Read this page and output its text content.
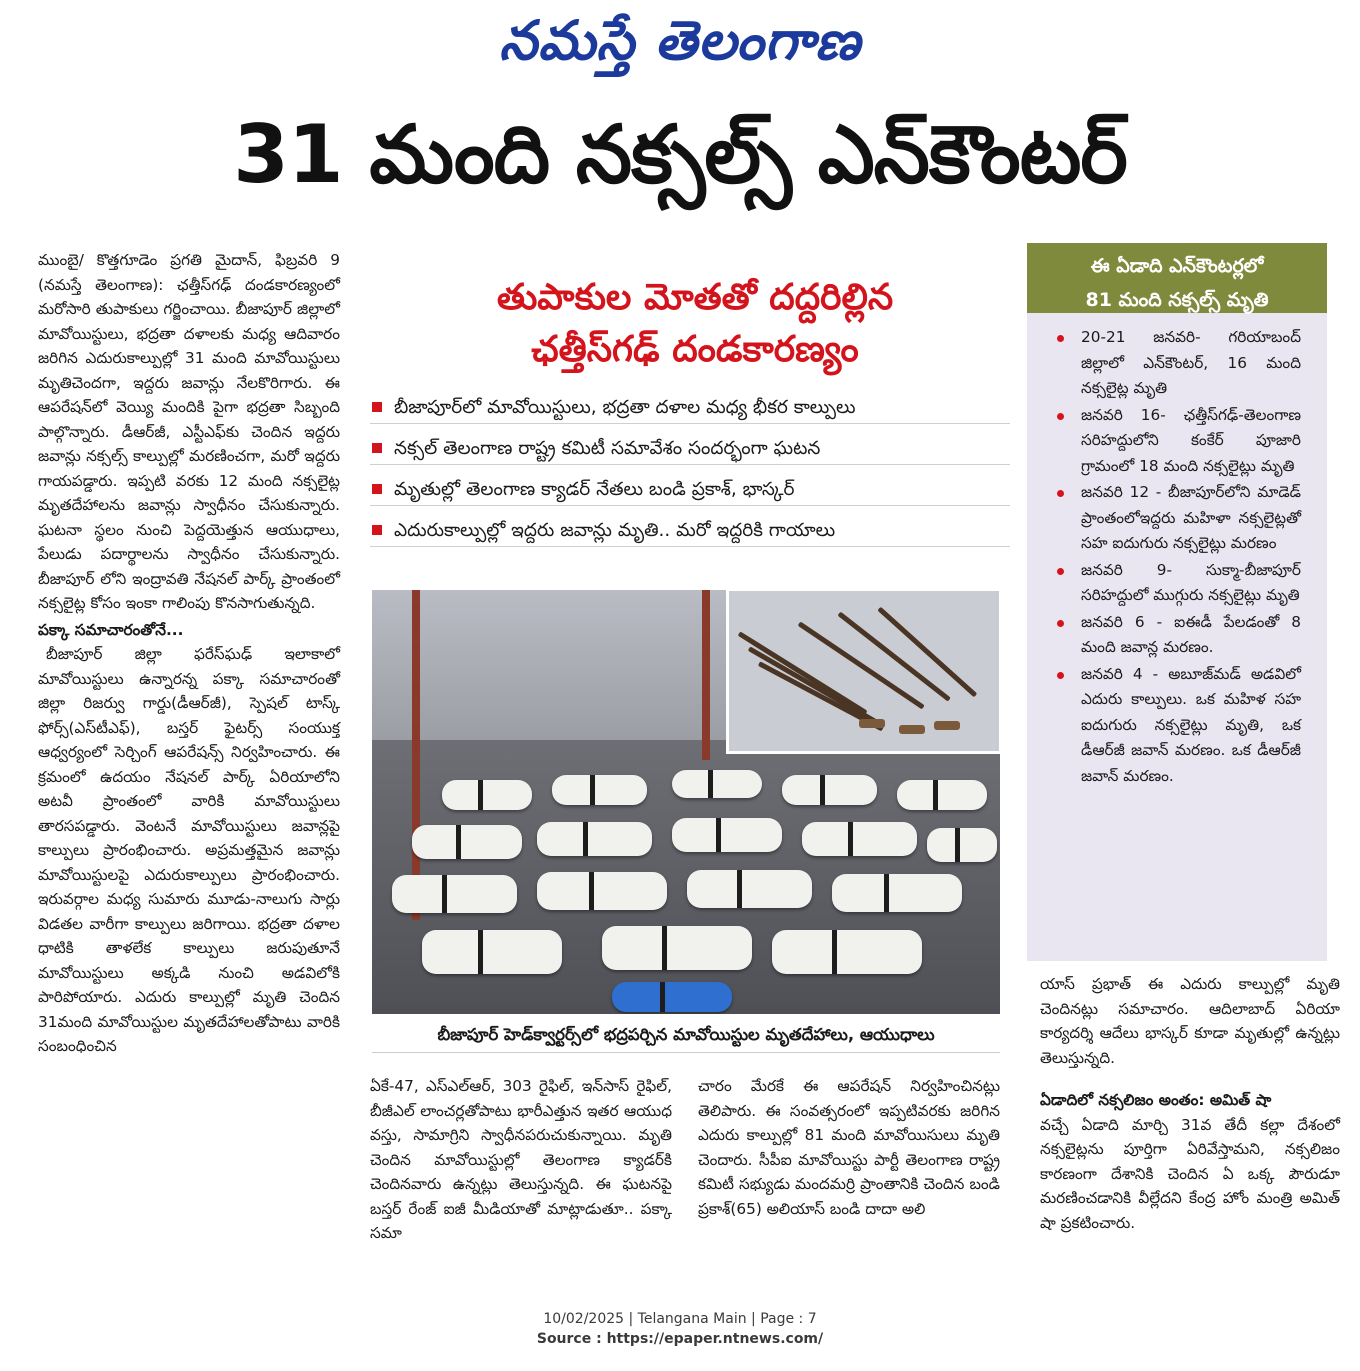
నమస్తే తెలంగాణ
31 మంది నక్సల్స్ ఎన్‌కౌంటర్

ముంబై/ కొత్తగూడెం ప్రగతి మైదాన్, ఫిబ్రవరి 9 (నమస్తే తెలంగాణ): ఛత్తీస్‌గఢ్ దండకారణ్యంలో మరోసారి తుపాకులు గర్జించాయి. బీజాపూర్ జిల్లాలో మావోయిస్టులు, భద్రతా దళాలకు మధ్య ఆదివారం జరిగిన ఎదురుకాల్పుల్లో 31 మంది మావోయిస్టులు మృతిచెందగా, ఇద్దరు జవాన్లు నేలకొరిగారు. ఈ ఆపరేషన్‌లో వెయ్యి మందికి పైగా భద్రతా సిబ్బంది పాల్గొన్నారు. డీఆర్‌జీ, ఎస్టీఎఫ్‌కు చెందిన ఇద్దరు జవాన్లు నక్సల్స్ కాల్పుల్లో మరణించగా, మరో ఇద్దరు గాయపడ్డారు. ఇప్పటి వరకు 12 మంది నక్సలైట్ల మృతదేహాలను జవాన్లు స్వాధీనం చేసుకున్నారు. ఘటనా స్థలం నుంచి పెద్దయెత్తున ఆయుధాలు, పేలుడు పదార్థాలను స్వాధీనం చేసుకున్నారు. బీజాపూర్ లోని ఇంద్రావతి నేషనల్ పార్క్ ప్రాంతంలో నక్సలైట్ల కోసం ఇంకా గాలింపు కొనసాగుతున్నది.

పక్కా సమాచారంతోనే...

బీజాపూర్ జిల్లా ఫరేస్‌ఘఢ్ ఇలాకాలో మావోయిస్టులు ఉన్నారన్న పక్కా సమాచారంతో జిల్లా రిజర్వు గార్డు(డీఆర్‌జీ), స్పెషల్ టాస్క్ ఫోర్స్(ఎస్‌టీఎఫ్), బస్తర్ ఫైటర్స్ సంయుక్త ఆధ్వర్యంలో సెర్చింగ్ ఆపరేషన్స్ నిర్వహించారు. ఈ క్రమంలో ఉదయం నేషనల్ పార్క్ ఏరియాలోని అటవీ ప్రాంతంలో వారికి మావోయిస్టులు తారసపడ్డారు. వెంటనే మావోయిస్టులు జవాన్లపై కాల్పులు ప్రారంభించారు. అప్రమత్తమైన జవాన్లు మావోయిస్టులపై ఎదురుకాల్పులు ప్రారంభించారు. ఇరువర్గాల మధ్య సుమారు మూడు-నాలుగు సార్లు విడతల వారీగా కాల్పులు జరిగాయి. భద్రతా దళాల ధాటికి తాళలేక కాల్పులు జరుపుతూనే మావోయిస్టులు అక్కడి నుంచి అడవిలోకి పారిపోయారు. ఎదురు కాల్పుల్లో మృతి చెందిన 31మంది మావోయిస్టుల మృతదేహాలతోపాటు వారికి సంబంధించిన

తుపాకుల మోతతో దద్దరిల్లిన
ఛత్తీస్‌గఢ్ దండకారణ్యం
బీజాపూర్‌లో మావోయిస్టులు, భద్రతా దళాల మధ్య భీకర కాల్పులు
నక్సల్ తెలంగాణ రాష్ట్ర కమిటీ సమావేశం సందర్భంగా ఘటన
మృతుల్లో తెలంగాణ క్యాడర్ నేతలు బండి ప్రకాశ్, భాస్కర్
ఎదురుకాల్పుల్లో ఇద్దరు జవాన్లు మృతి.. మరో ఇద్దరికి గాయాలు
బీజాపూర్ హెడ్‌క్వార్టర్స్‌లో భద్రపర్చిన మావోయిస్టుల మృతదేహాలు, ఆయుధాలు

ఏకే-47, ఎస్ఎల్ఆర్, 303 రైఫిల్, ఇన్‌సాస్ రైఫిల్, బీజీఎల్ లాంచర్లతోపాటు భారీఎత్తున ఇతర ఆయుధ వస్తు, సామాగ్రిని స్వాధీనపరుచుకున్నాయి. మృతి చెందిన మావోయిస్టుల్లో తెలంగాణ క్యాడర్‌కి చెందినవారు ఉన్నట్లు తెలుస్తున్నది. ఈ ఘటనపై బస్తర్ రేంజ్ ఐజీ మీడియాతో మాట్లాడుతూ.. పక్కా సమా

చారం మేరకే ఈ ఆపరేషన్ నిర్వహించినట్లు తెలిపారు. ఈ సంవత్సరంలో ఇప్పటివరకు జరిగిన ఎదురు కాల్పుల్లో 81 మంది మావోయిసులు మృతి చెందారు. సీపీఐ మావోయిస్టు పార్టీ తెలంగాణ రాష్ట్ర కమిటీ సభ్యుడు మందమర్రి ప్రాంతానికి చెందిన బండి ప్రకాశ్(65) అలియాస్ బండి దాదా అలి

ఈ ఏడాది ఎన్‌కౌంటర్లలో
81 మంది నక్సల్స్ మృతి
20-21 జనవరి- గరియాబంద్ జిల్లాలో ఎన్‌కౌంటర్, 16 మంది నక్సలైట్ల మృతి
జనవరి 16- ఛత్తీస్‌గఢ్-తెలంగాణ సరిహద్దులోని కంకేర్ పూజారి గ్రామంలో 18 మంది నక్సలైట్లు మృతి
జనవరి 12 - బీజాపూర్‌లోని మాడెడ్ ప్రాంతంలోఇద్దరు మహిళా నక్సలైట్లతో సహ ఐదుగురు నక్సలైట్లు మరణం
జనవరి 9- సుక్మా-బీజాపూర్ సరిహద్దులో ముగ్గురు నక్సలైట్లు మృతి
జనవరి 6 - ఐఈడీ పేలడంతో 8 మంది జవాన్ల మరణం.
జనవరి 4 - అబూజ్‌మడ్ అడవిలో ఎదురు కాల్పులు. ఒక మహిళ సహ ఐదుగురు నక్సలైట్లు మృతి, ఒక డీఆర్‌జీ జవాన్ మరణం. ఒక డీఆర్‌జీ జవాన్ మరణం.

యాస్ ప్రభాత్ ఈ ఎదురు కాల్పుల్లో మృతి చెందినట్లు సమాచారం. ఆదిలాబాద్ ఏరియా కార్యదర్శి ఆదేలు భాస్కర్ కూడా మృతుల్లో ఉన్నట్లు తెలుస్తున్నది.

ఏడాదిలో నక్సలిజం అంతం: అమిత్ షా

వచ్చే ఏడాది మార్చి 31వ తేదీ కల్లా దేశంలో నక్సలైట్లను పూర్తిగా ఏరివేస్తామని, నక్సలిజం కారణంగా దేశానికి చెందిన ఏ ఒక్క పౌరుడూ మరణించడానికి వీల్లేదని కేంద్ర హోం మంత్రి అమిత్ షా ప్రకటించారు.

10/02/2025 | Telangana Main | Page : 7
Source : https://epaper.ntnews.com/
